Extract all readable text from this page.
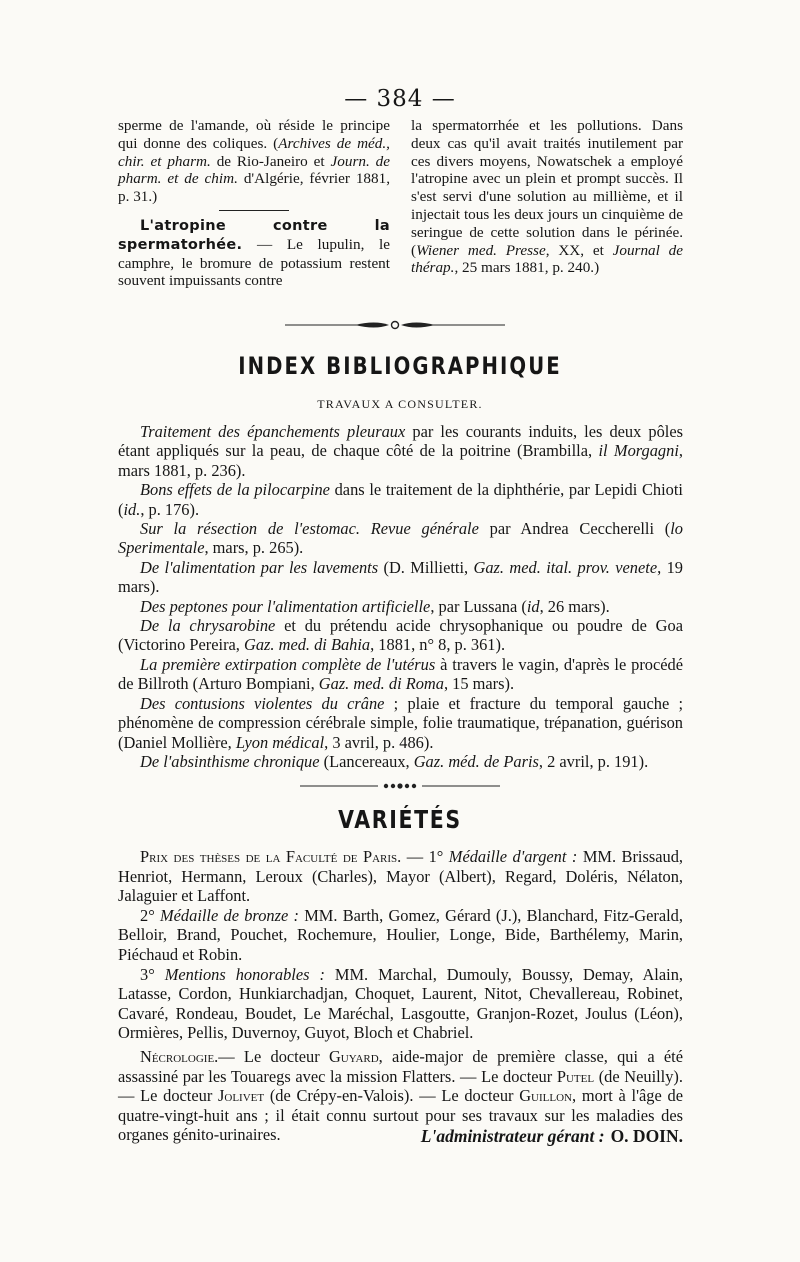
— 384 —

sperme de l'amande, où réside le principe qui donne des coliques. (Archives de méd., chir. et pharm. de Rio-Janeiro et Journ. de pharm. et de chim. d'Algérie, février 1881, p. 31.)

L'atropine contre la spermatorhée. — Le lupulin, le camphre, le bromure de potassium restent souvent impuissants contre

la spermatorrhée et les pollutions. Dans deux cas qu'il avait traités inutilement par ces divers moyens, Nowatschek a employé l'atropine avec un plein et prompt succès. Il s'est servi d'une solution au millième, et il injectait tous les deux jours un cinquième de seringue de cette solution dans le périnée. (Wiener med. Presse, XX, et Journal de thérap., 25 mars 1881, p. 240.)

INDEX BIBLIOGRAPHIQUE
TRAVAUX A CONSULTER.

Traitement des épanchements pleuraux par les courants induits, les deux pôles étant appliqués sur la peau, de chaque côté de la poitrine (Brambilla, il Morgagni, mars 1881, p. 236).

Bons effets de la pilocarpine dans le traitement de la diphthérie, par Lepidi Chioti (id., p. 176).

Sur la résection de l'estomac. Revue générale par Andrea Ceccherelli (lo Sperimentale, mars, p. 265).

De l'alimentation par les lavements (D. Millietti, Gaz. med. ital. prov. venete, 19 mars).

Des peptones pour l'alimentation artificielle, par Lussana (id, 26 mars).

De la chrysarobine et du prétendu acide chrysophanique ou poudre de Goa (Victorino Pereira, Gaz. med. di Bahia, 1881, n° 8, p. 361).

La première extirpation complète de l'utérus à travers le vagin, d'après le procédé de Billroth (Arturo Bompiani, Gaz. med. di Roma, 15 mars).

Des contusions violentes du crâne ; plaie et fracture du temporal gauche ; phénomène de compression cérébrale simple, folie traumatique, trépanation, guérison (Daniel Mollière, Lyon médical, 3 avril, p. 486).

De l'absinthisme chronique (Lancereaux, Gaz. méd. de Paris, 2 avril, p. 191).

VARIÉTÉS

Prix des thèses de la Faculté de Paris. — 1° Médaille d'argent : MM. Brissaud, Henriot, Hermann, Leroux (Charles), Mayor (Albert), Regard, Doléris, Nélaton, Jalaguier et Laffont.

2° Médaille de bronze : MM. Barth, Gomez, Gérard (J.), Blanchard, Fitz-Gerald, Belloir, Brand, Pouchet, Rochemure, Houlier, Longe, Bide, Barthélemy, Marin, Piéchaud et Robin.

3° Mentions honorables : MM. Marchal, Dumouly, Boussy, Demay, Alain, Latasse, Cordon, Hunkiarchadjan, Choquet, Laurent, Nitot, Chevallereau, Robinet, Cavaré, Rondeau, Boudet, Le Maréchal, Lasgoutte, Granjon-Rozet, Joulus (Léon), Ormières, Pellis, Duvernoy, Guyot, Bloch et Chabriel.

Nécrologie.— Le docteur Guyard, aide-major de première classe, qui a été assassiné par les Touaregs avec la mission Flatters. — Le docteur Putel (de Neuilly). — Le docteur Jolivet (de Crépy-en-Valois). — Le docteur Guillon, mort à l'âge de quatre-vingt-huit ans ; il était connu surtout pour ses travaux sur les maladies des organes génito-urinaires.	L'administrateur gérant : O. DOIN.
